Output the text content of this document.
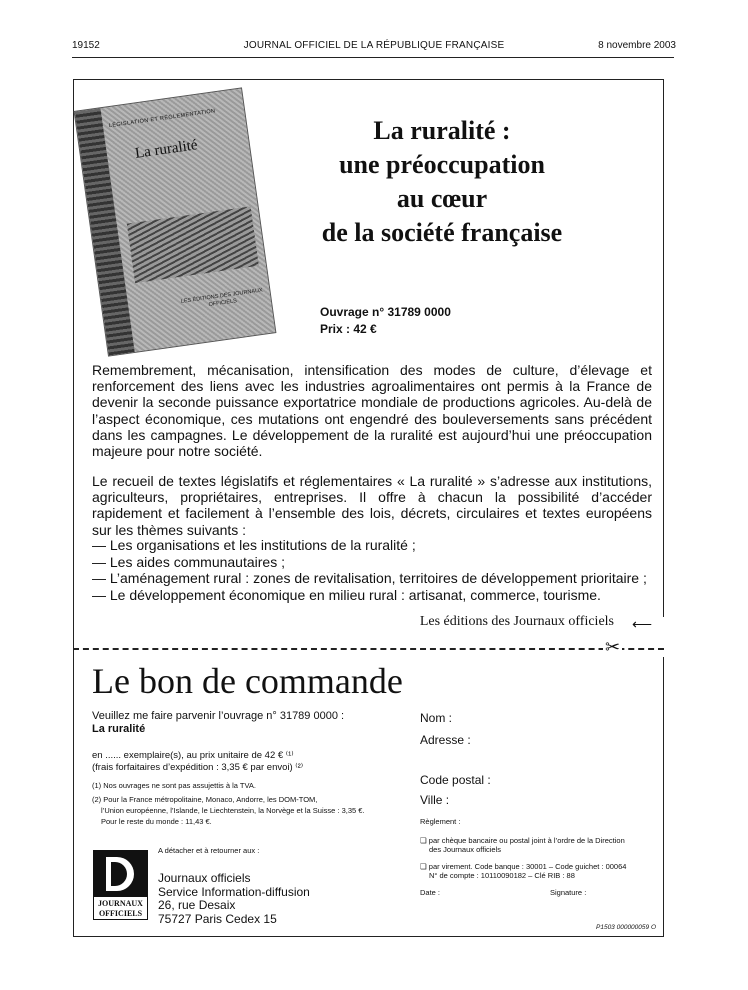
19152	JOURNAL OFFICIEL DE LA RÉPUBLIQUE FRANÇAISE	8 novembre 2003
LÉGISLATION ET RÉGLEMENTATION
La ruralité
LES ÉDITIONS DES JOURNAUX OFFICIELS
La ruralité :
une préoccupation
au cœur
de la société française
Ouvrage n° 31789 0000
Prix : 42 €

Remembrement, mécanisation, intensification des modes de culture, d’élevage et renforcement des liens avec les industries agroalimentaires ont permis à la France de devenir la seconde puissance exportatrice mondiale de productions agricoles. Au-delà de l’aspect économique, ces mutations ont engendré des bouleversements sans précédent dans les campagnes. Le développement de la ruralité est aujourd’hui une préoccupation majeure pour notre société.

Le recueil de textes législatifs et réglementaires « La ruralité » s’adresse aux institutions, agriculteurs, propriétaires, entreprises. Il offre à chacun la possibilité d’accéder rapidement et facilement à l’ensemble des lois, décrets, circulaires et textes européens sur les thèmes suivants :

— Les organisations et les institutions de la ruralité ;
— Les aides communautaires ;
— L’aménagement rural : zones de revitalisation, territoires de développement prioritaire ;
— Le développement économique en milieu rural : artisanat, commerce, tourisme.
Les éditions des Journaux officiels	⟵
✂
Le bon de commande
Veuillez me faire parvenir l’ouvrage n° 31789 0000 :
La ruralité
en ...... exemplaire(s), au prix unitaire de 42 € ⁽¹⁾
(frais forfaitaires d’expédition : 3,35 € par envoi) ⁽²⁾
(1) Nos ouvrages ne sont pas assujettis à la TVA.
(2) Pour la France métropolitaine, Monaco, Andorre, les DOM-TOM,
l’Union européenne, l’Islande, le Liechtenstein, la Norvège et la Suisse : 3,35 €.
Pour le reste du monde : 11,43 €.
A détacher et à retourner aux :
JOURNAUX OFFICIELS
Journaux officiels
Service Information-diffusion
26, rue Desaix
75727 Paris Cedex 15
Nom :
Adresse :
Code postal :
Ville :
Règlement :
❏ par chèque bancaire ou postal joint à l’ordre de la Direction
des Journaux officiels
❏ par virement. Code banque : 30001 – Code guichet : 00064
N° de compte : 10110090182 – Clé RIB : 88
Date :	Signature :
P1503 000000059 O
